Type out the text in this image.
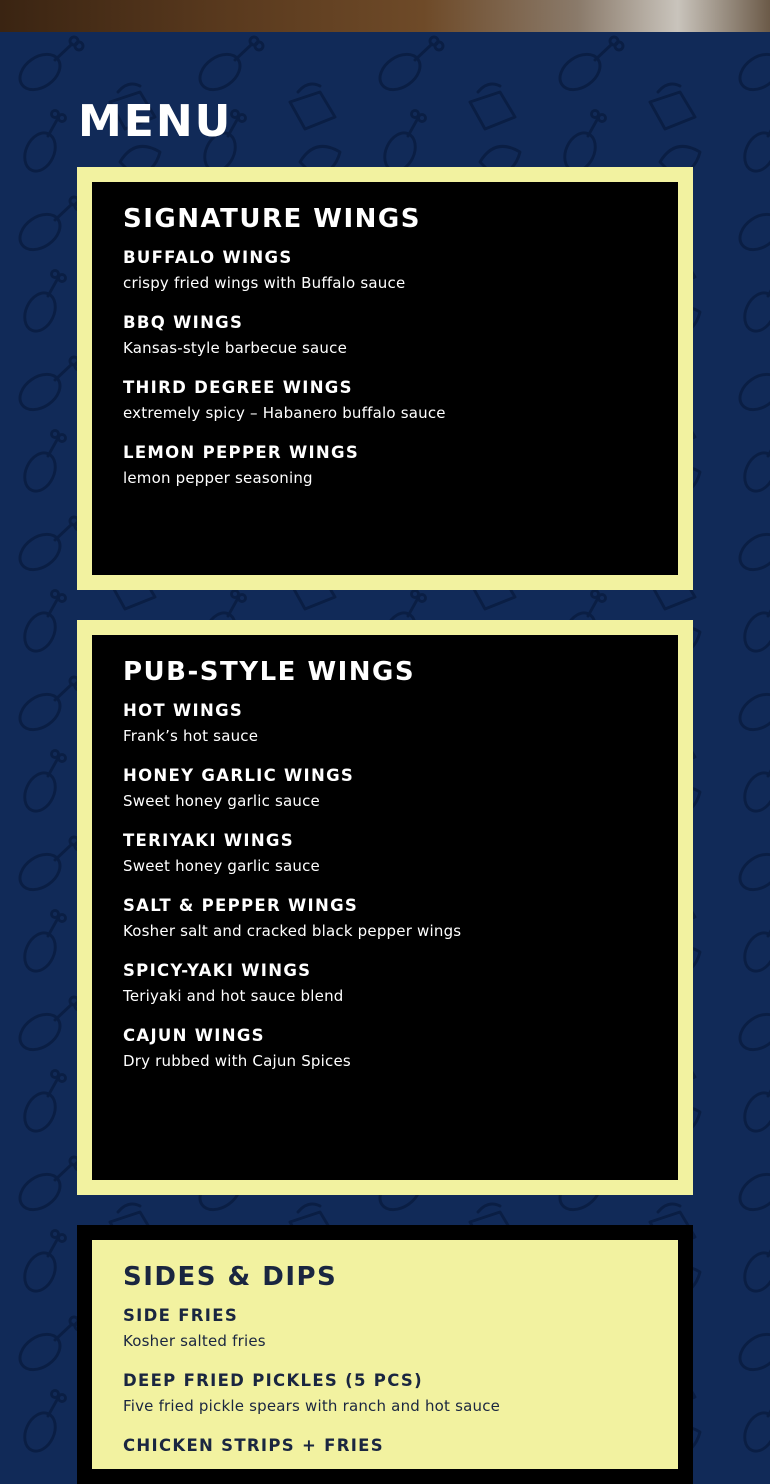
MENU
SIGNATURE WINGS
BUFFALO WINGS

crispy fried wings with Buffalo sauce

BBQ WINGS

Kansas-style barbecue sauce

THIRD DEGREE WINGS

extremely spicy – Habanero buffalo sauce

LEMON PEPPER WINGS

lemon pepper seasoning

PUB-STYLE WINGS
HOT WINGS

Frank’s hot sauce

HONEY GARLIC WINGS

Sweet honey garlic sauce

TERIYAKI WINGS

Sweet honey garlic sauce

SALT & PEPPER WINGS

Kosher salt and cracked black pepper wings

SPICY-YAKI WINGS

Teriyaki and hot sauce blend

CAJUN WINGS

Dry rubbed with Cajun Spices

SIDES & DIPS
SIDE FRIES

Kosher salted fries

DEEP FRIED PICKLES (5 PCS)

Five fried pickle spears with ranch and hot sauce

CHICKEN STRIPS + FRIES
